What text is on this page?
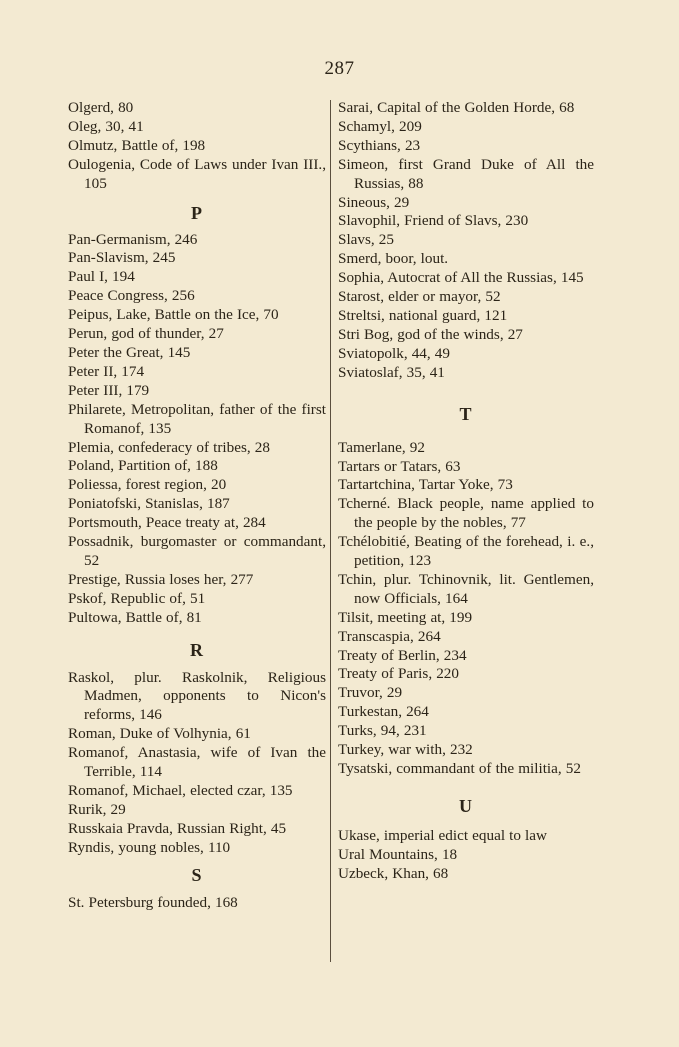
287

Olgerd, 80

Oleg, 30, 41

Olmutz, Battle of, 198

Oulogenia, Code of Laws under Ivan III., 105

P

Pan-Germanism, 246

Pan-Slavism, 245

Paul I, 194

Peace Congress, 256

Peipus, Lake, Battle on the Ice, 70

Perun, god of thunder, 27

Peter the Great, 145

Peter II, 174

Peter III, 179

Philarete, Metropolitan, father of the first Romanof, 135

Plemia, confederacy of tribes, 28

Poland, Partition of, 188

Poliessa, forest region, 20

Poniatofski, Stanislas, 187

Portsmouth, Peace treaty at, 284

Possadnik, burgomaster or commandant, 52

Prestige, Russia loses her, 277

Pskof, Republic of, 51

Pultowa, Battle of, 81

R

Raskol, plur. Raskolnik, Religious Madmen, opponents to Nicon's reforms, 146

Roman, Duke of Volhynia, 61

Romanof, Anastasia, wife of Ivan the Terrible, 114

Romanof, Michael, elected czar, 135

Rurik, 29

Russkaia Pravda, Russian Right, 45

Ryndis, young nobles, 110

S

St. Petersburg founded, 168

Sarai, Capital of the Golden Horde, 68

Schamyl, 209

Scythians, 23

Simeon, first Grand Duke of All the Russias, 88

Sineous, 29

Slavophil, Friend of Slavs, 230

Slavs, 25

Smerd, boor, lout.

Sophia, Autocrat of All the Russias, 145

Starost, elder or mayor, 52

Streltsi, national guard, 121

Stri Bog, god of the winds, 27

Sviatopolk, 44, 49

Sviatoslaf, 35, 41

T

Tamerlane, 92

Tartars or Tatars, 63

Tartartchina, Tartar Yoke, 73

Tcherné. Black people, name applied to the people by the nobles, 77

Tchélobitié, Beating of the forehead, i. e., petition, 123

Tchin, plur. Tchinovnik, lit. Gentlemen, now Officials, 164

Tilsit, meeting at, 199

Transcaspia, 264

Treaty of Berlin, 234

Treaty of Paris, 220

Truvor, 29

Turkestan, 264

Turks, 94, 231

Turkey, war with, 232

Tysatski, commandant of the militia, 52

U

Ukase, imperial edict equal to law

Ural Mountains, 18

Uzbeck, Khan, 68
